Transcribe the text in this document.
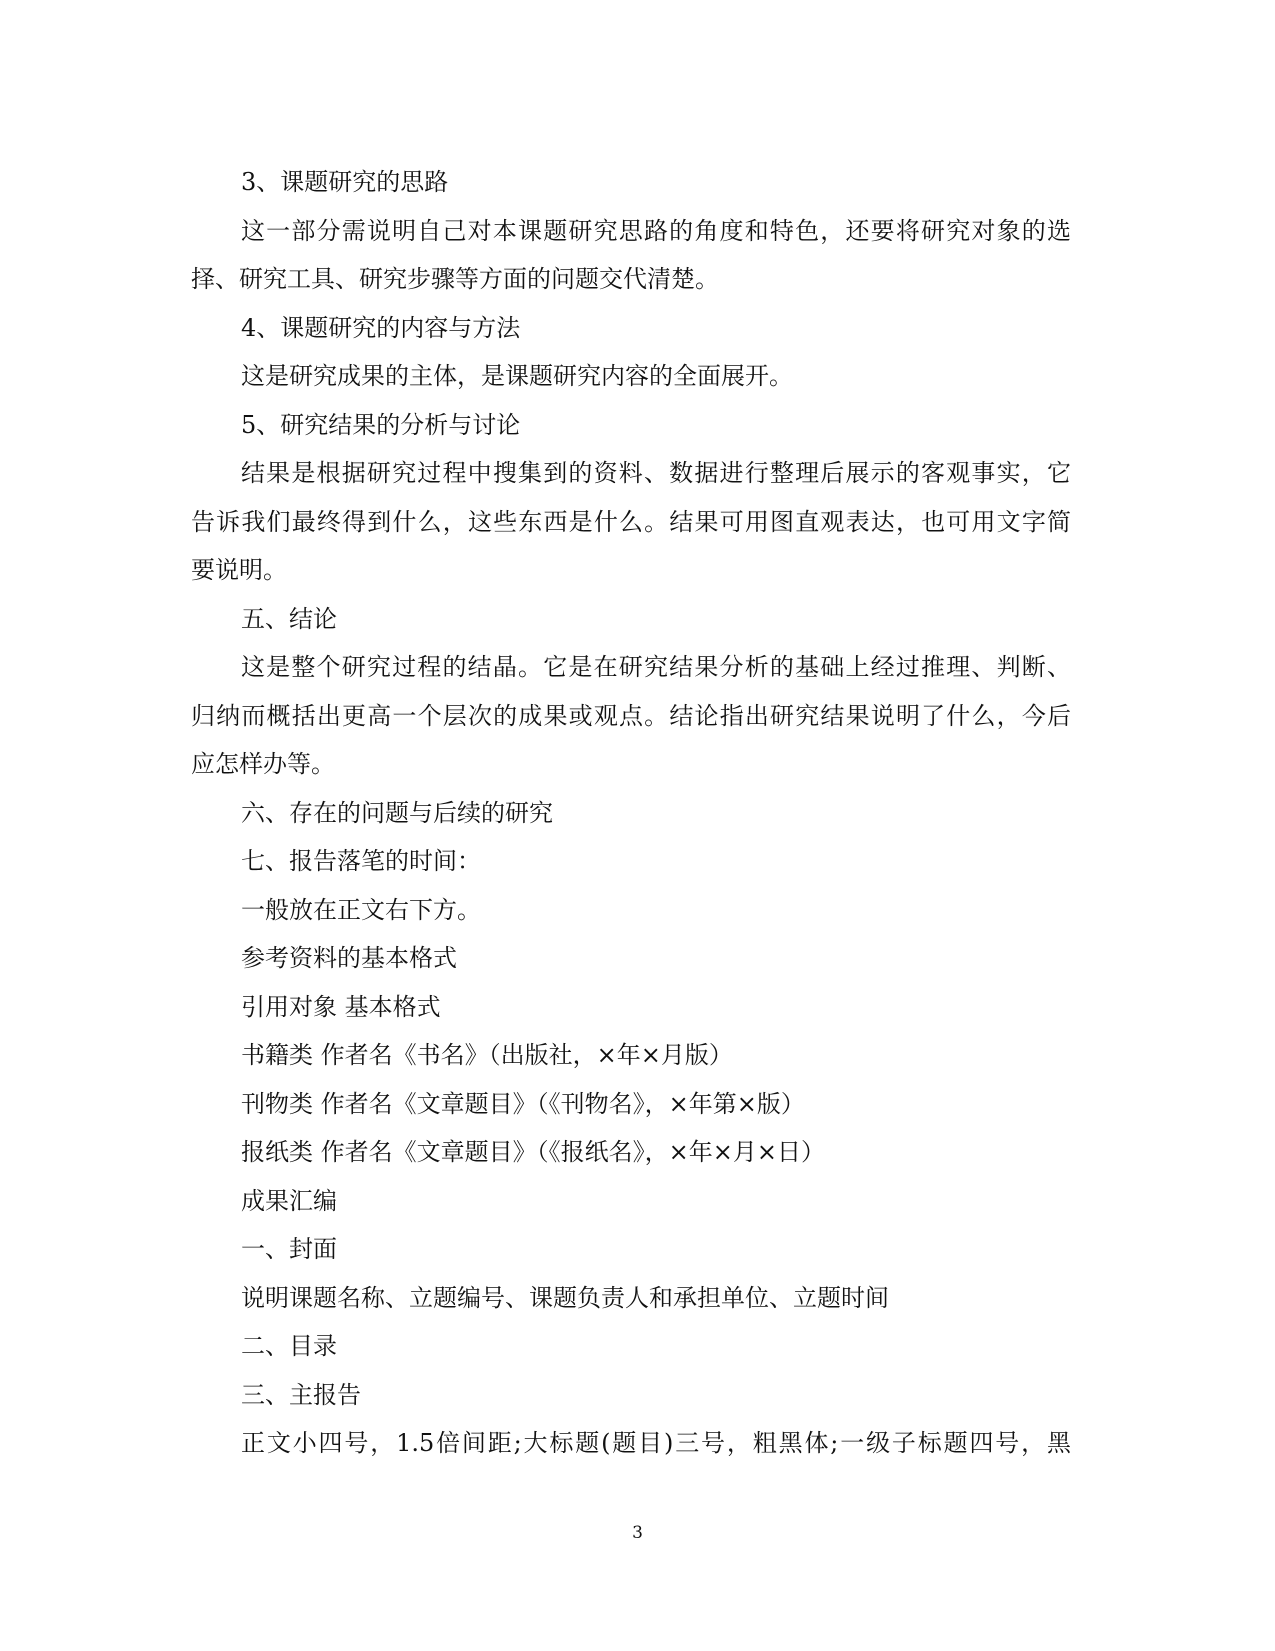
3、课题研究的思路
这一部分需说明自己对本课题研究思路的角度和特色，还要将研究对象的选
择、研究工具、研究步骤等方面的问题交代清楚。
4、课题研究的内容与方法
这是研究成果的主体，是课题研究内容的全面展开。
5、研究结果的分析与讨论
结果是根据研究过程中搜集到的资料、数据进行整理后展示的客观事实，它
告诉我们最终得到什么，这些东西是什么。结果可用图直观表达，也可用文字简
要说明。
五、结论
这是整个研究过程的结晶。它是在研究结果分析的基础上经过推理、判断、
归纳而概括出更高一个层次的成果或观点。结论指出研究结果说明了什么，今后
应怎样办等。
六、存在的问题与后续的研究
七、报告落笔的时间：
一般放在正文右下方。
参考资料的基本格式
引用对象 基本格式
书籍类 作者名《书名》（出版社，×年×月版）
刊物类 作者名《文章题目》（《刊物名》，×年第×版）
报纸类 作者名《文章题目》（《报纸名》，×年×月×日）
成果汇编
一、封面
说明课题名称、立题编号、课题负责人和承担单位、立题时间
二、目录
三、主报告
正文小四号，1.5倍间距;大标题(题目)三号，粗黑体;一级子标题四号，黑
3
